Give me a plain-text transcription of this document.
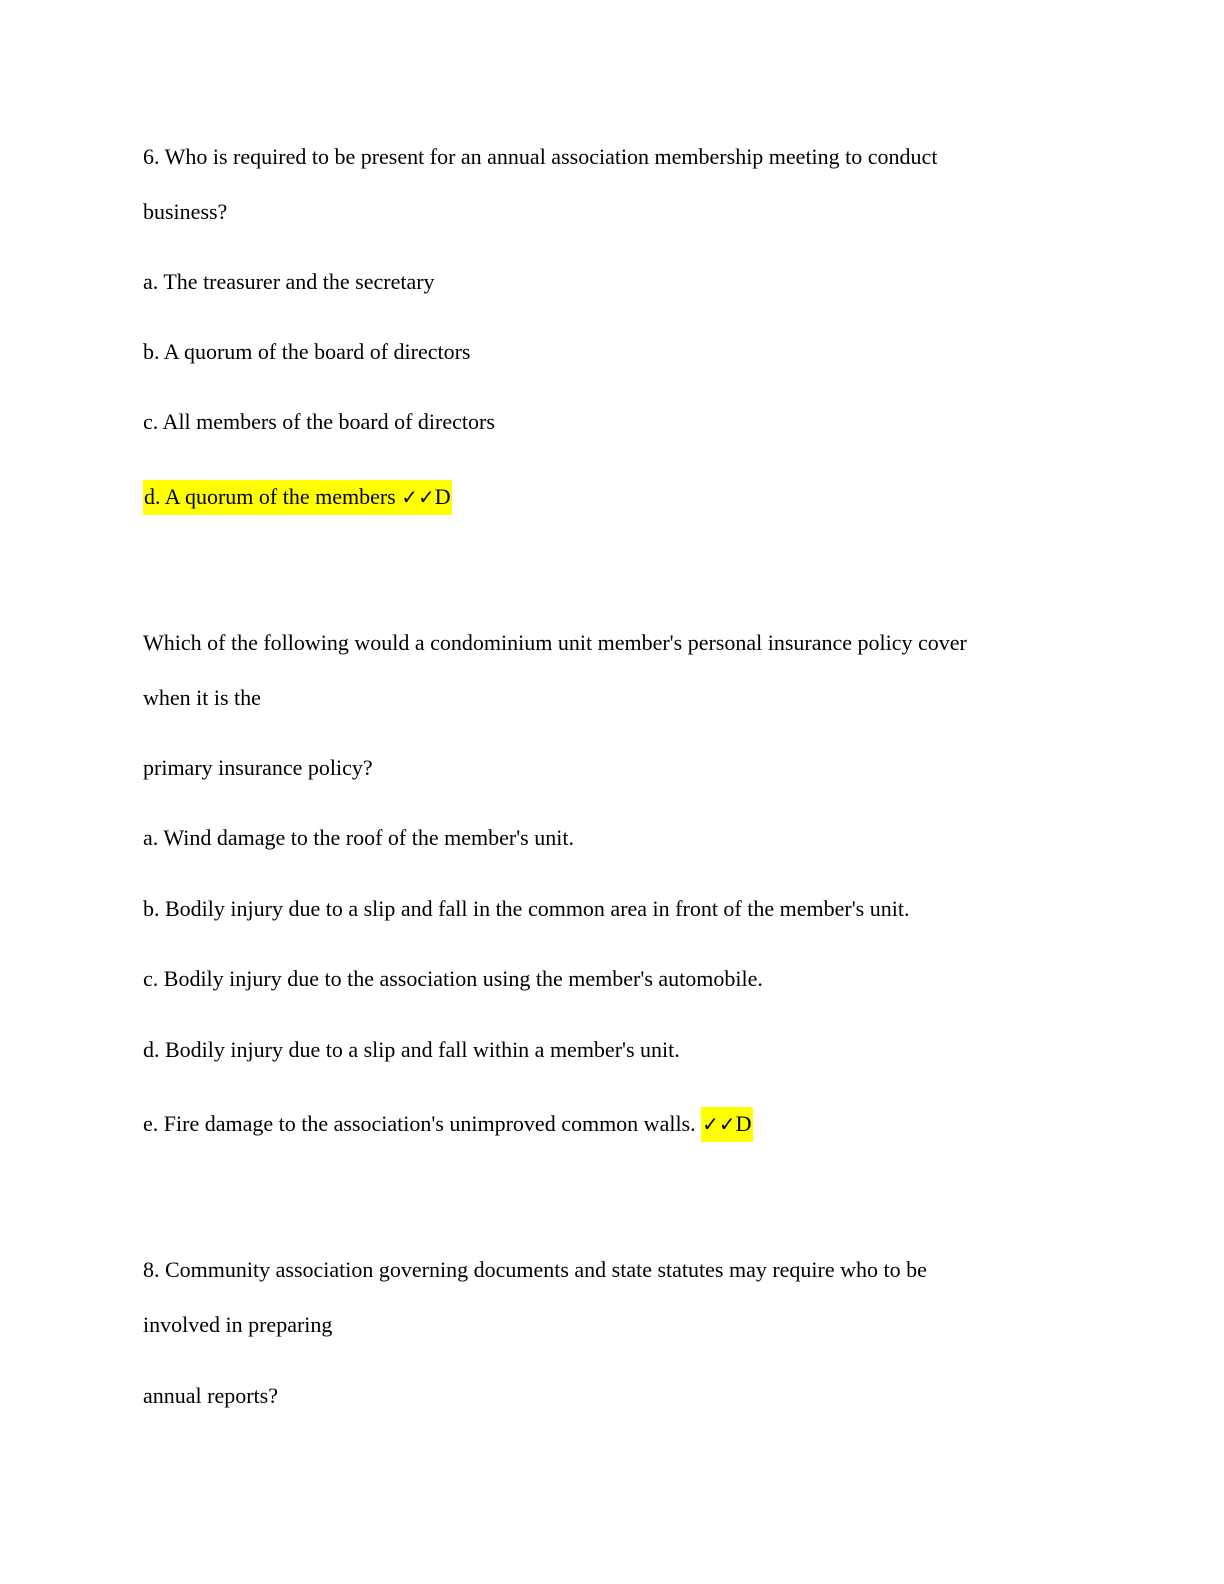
6. Who is required to be present for an annual association membership meeting to conduct
business?
a. The treasurer and the secretary
b. A quorum of the board of directors
c. All members of the board of directors
d. A quorum of the members ✓✓D
Which of the following would a condominium unit member's personal insurance policy cover
when it is the
primary insurance policy?
a. Wind damage to the roof of the member's unit.
b. Bodily injury due to a slip and fall in the common area in front of the member's unit.
c. Bodily injury due to the association using the member's automobile.
d. Bodily injury due to a slip and fall within a member's unit.
e. Fire damage to the association's unimproved common walls. ✓✓D
8. Community association governing documents and state statutes may require who to be
involved in preparing
annual reports?
